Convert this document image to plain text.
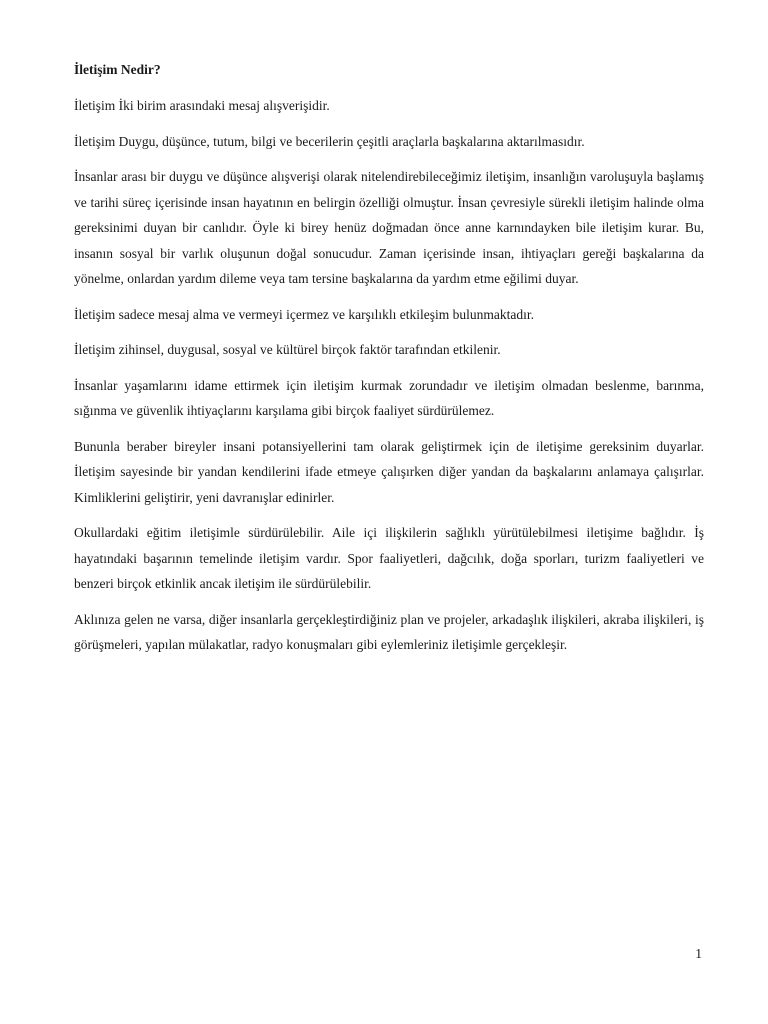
İletişim Nedir?

İletişim İki birim arasındaki mesaj alışverişidir.

İletişim Duygu, düşünce, tutum, bilgi ve becerilerin çeşitli araçlarla başkalarına aktarılmasıdır.

İnsanlar arası bir duygu ve düşünce alışverişi olarak nitelendirebileceğimiz iletişim, insanlığın varoluşuyla başlamış ve tarihi süreç içerisinde insan hayatının en belirgin özelliği olmuştur. İnsan çevresiyle sürekli iletişim halinde olma gereksinimi duyan bir canlıdır. Öyle ki birey henüz doğmadan önce anne karnındayken bile iletişim kurar. Bu, insanın sosyal bir varlık oluşunun doğal sonucudur. Zaman içerisinde insan, ihtiyaçları gereği başkalarına da yönelme, onlardan yardım dileme veya tam tersine başkalarına da yardım etme eğilimi duyar.

İletişim sadece mesaj alma ve vermeyi içermez ve karşılıklı etkileşim bulunmaktadır.

İletişim zihinsel, duygusal, sosyal ve kültürel birçok faktör tarafından etkilenir.

İnsanlar yaşamlarını idame ettirmek için iletişim kurmak zorundadır ve iletişim olmadan beslenme, barınma, sığınma ve güvenlik ihtiyaçlarını karşılama gibi birçok faaliyet sürdürülemez.

Bununla beraber bireyler insani potansiyellerini tam olarak geliştirmek için de iletişime gereksinim duyarlar. İletişim sayesinde bir yandan kendilerini ifade etmeye çalışırken diğer yandan da başkalarını anlamaya çalışırlar. Kimliklerini geliştirir, yeni davranışlar edinirler.

Okullardaki eğitim iletişimle sürdürülebilir. Aile içi ilişkilerin sağlıklı yürütülebilmesi iletişime bağlıdır. İş hayatındaki başarının temelinde iletişim vardır. Spor faaliyetleri, dağcılık, doğa sporları, turizm faaliyetleri ve benzeri birçok etkinlik ancak iletişim ile sürdürülebilir.

Aklınıza gelen ne varsa, diğer insanlarla gerçekleştirdiğiniz plan ve projeler, arkadaşlık ilişkileri, akraba ilişkileri, iş görüşmeleri, yapılan mülakatlar, radyo konuşmaları gibi eylemleriniz iletişimle gerçekleşir.

1
